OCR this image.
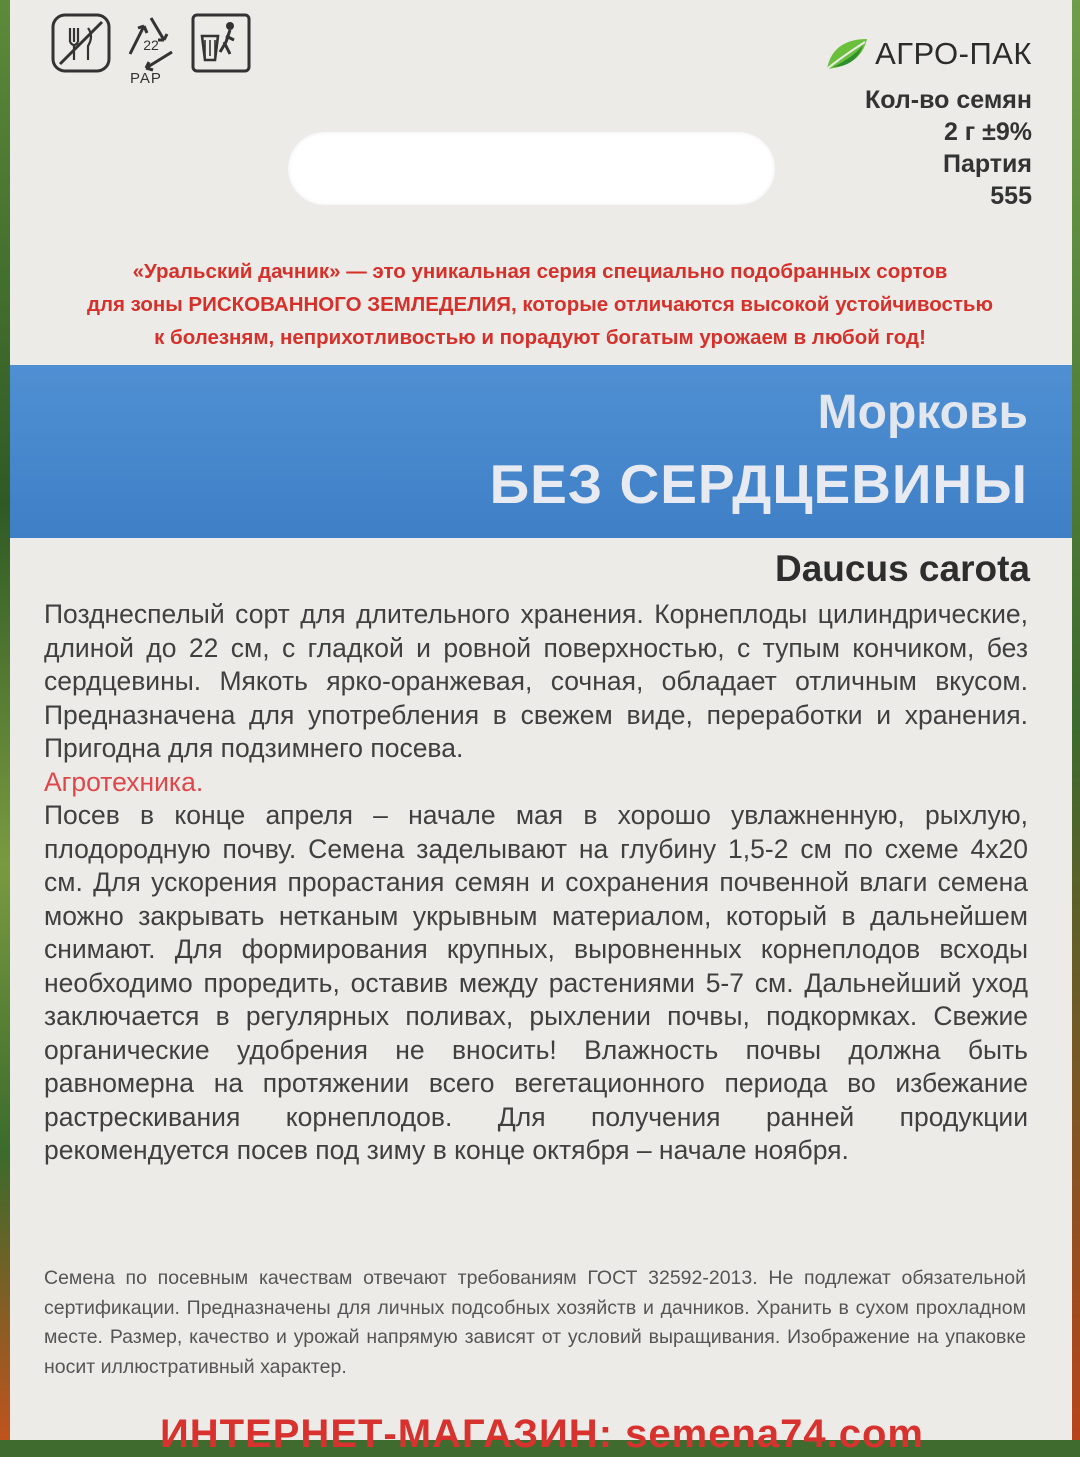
22
PAP
АГРО-ПАК
Кол-во семян
2 г ±9%
Партия
555
«Уральский дачник» — это уникальная серия специально подобранных сортов
для зоны РИСКОВАННОГО ЗЕМЛЕДЕЛИЯ, которые отличаются высокой устойчивостью
к болезням, неприхотливостью и порадуют богатым урожаем в любой год!
Морковь
БЕЗ СЕРДЦЕВИНЫ
Daucus carota

Позднеспелый сорт для длительного хранения. Корнеплоды цилиндрические, длиной до 22 см, с гладкой и ровной поверхностью, с тупым кончиком, без сердцевины. Мякоть ярко-оранжевая, сочная, обладает отличным вкусом. Предназначена для употребления в свежем виде, переработки и хранения. Пригодна для подзимнего посева.

Агротехника.

Посев в конце апреля – начале мая в хорошо увлажненную, рыхлую, плодородную почву. Семена заделывают на глубину 1,5-2 см по схеме 4х20 см. Для ускорения прорастания семян и сохранения почвенной влаги семена можно закрывать нетканым укрывным материалом, который в дальнейшем снимают. Для формирования крупных, выровненных корнеплодов всходы необходимо проредить, оставив между растениями 5-7 см. Дальнейший уход заключается в регулярных поливах, рыхлении почвы, подкормках. Свежие органические удобрения не вносить! Влажность почвы должна быть равномерна на протяжении всего вегетационного периода во избежание растрескивания корнеплодов. Для получения ранней продукции рекомендуется посев под зиму в конце октября – начале ноября.

Семена по посевным качествам отвечают требованиям ГОСТ 32592-2013. Не подлежат обязательной сертификации. Предназначены для личных подсобных хозяйств и дачников. Хранить в сухом прохладном месте. Размер, качество и урожай напрямую зависят от условий выращивания. Изображение на упаковке носит иллюстративный характер.
ИНТЕРНЕТ-МАГАЗИН: semena74.com
